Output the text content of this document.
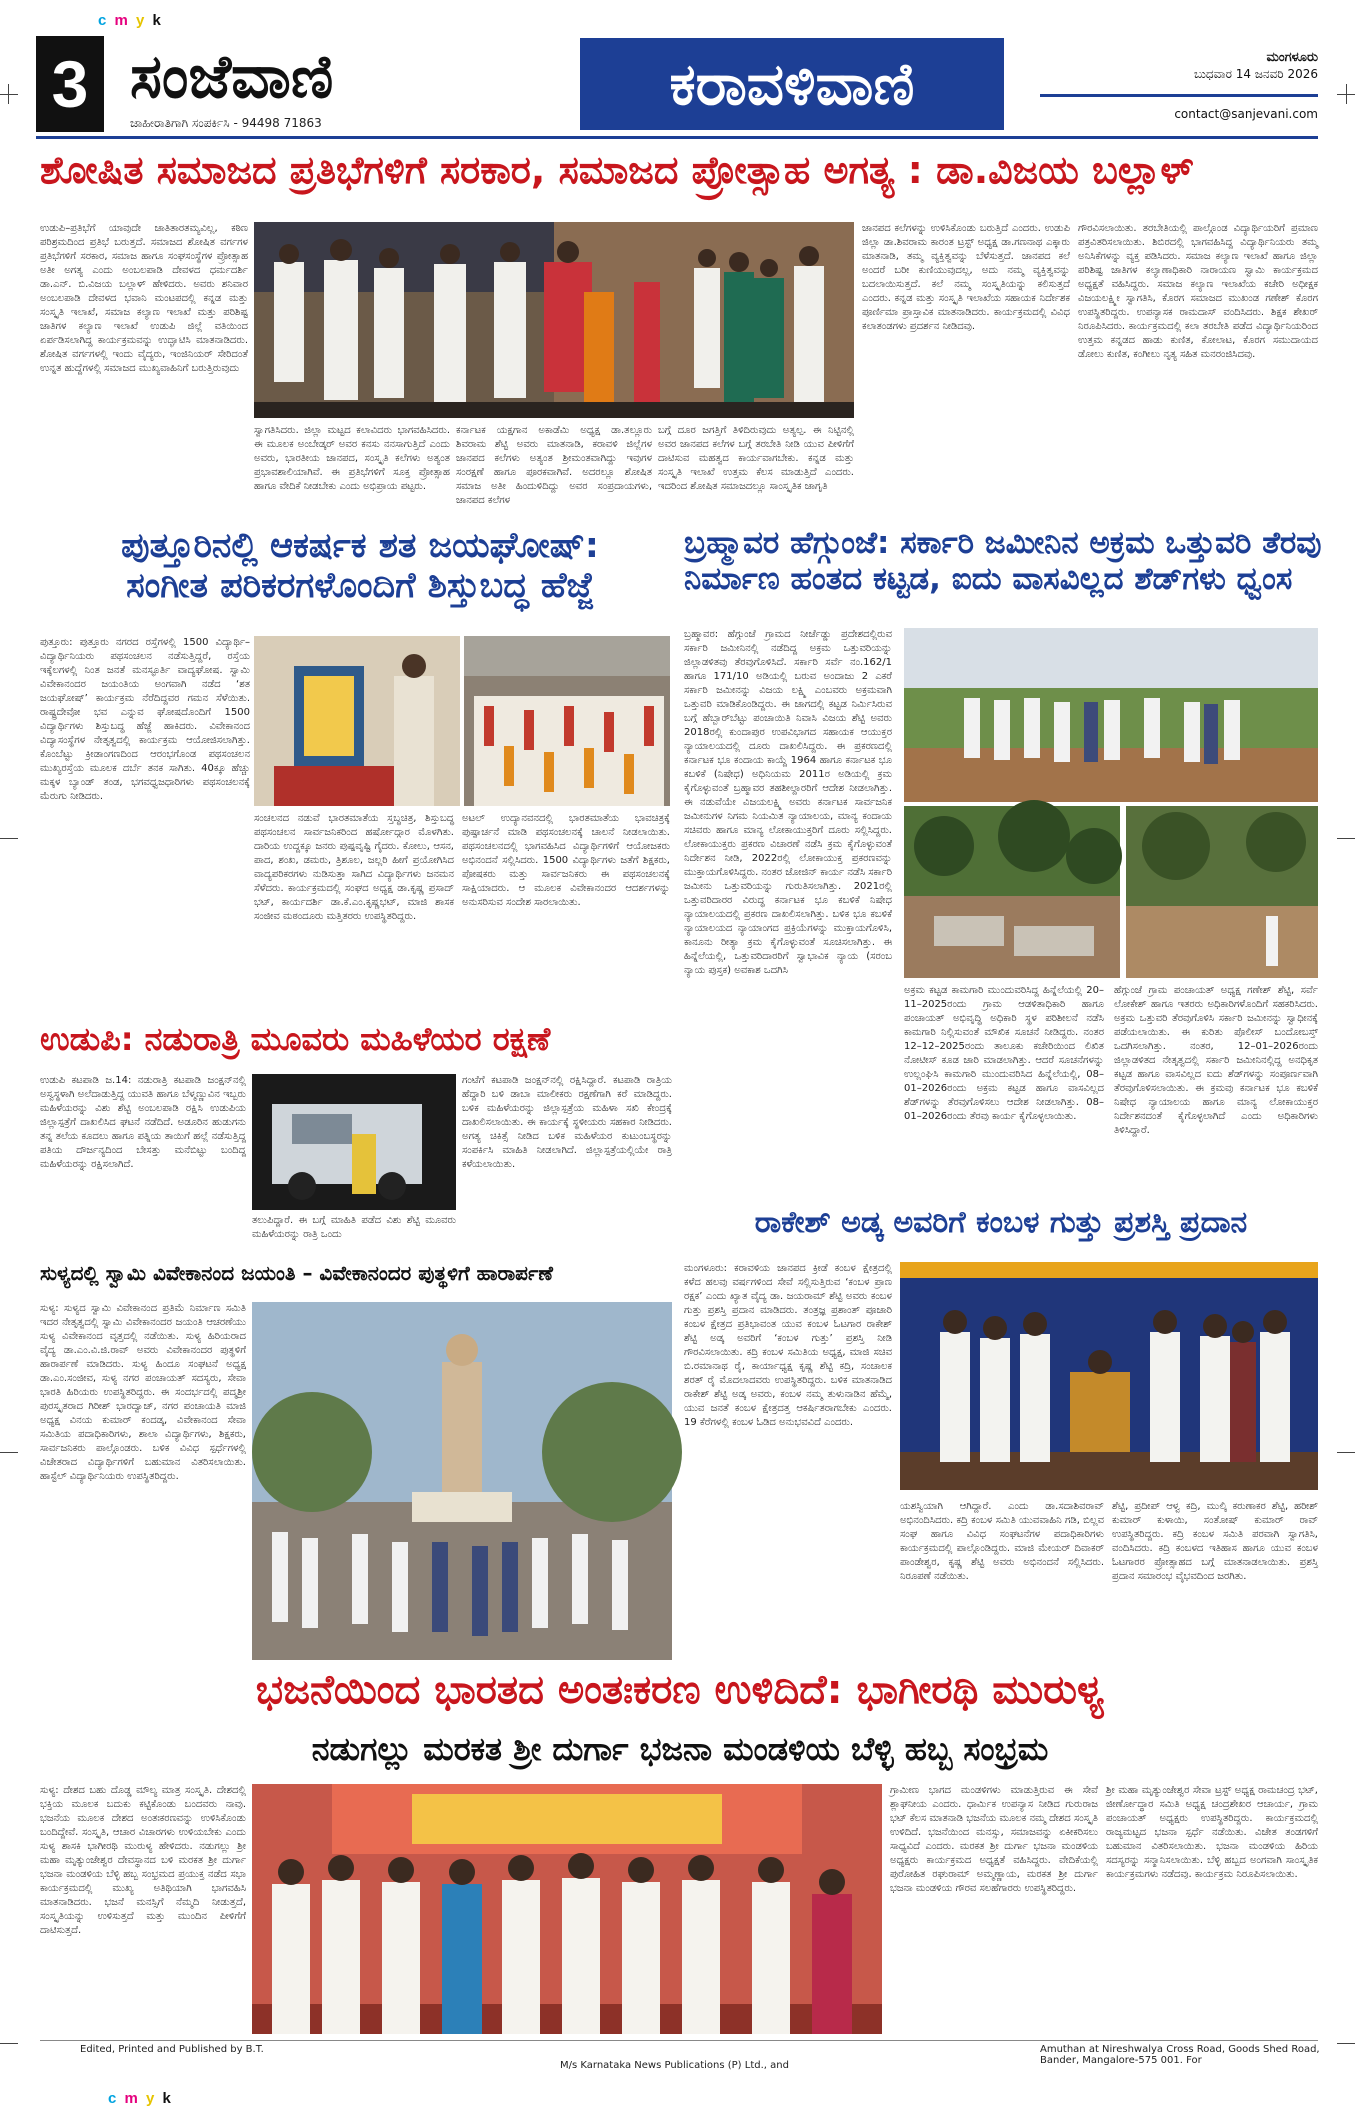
c m y k
3 ಸಂಜೆವಾಣಿ
ಜಾಹೀರಾತಿಗಾಗಿ ಸಂಪರ್ಕಿಸಿ - 94498 71863
ಕರಾವಳಿವಾಣಿ	ಮಂಗಳೂರು
ಬುಧವಾರ 14 ಜನವರಿ 2026
contact@sanjevani.com
ಶೋಷಿತ ಸಮಾಜದ ಪ್ರತಿಭೆಗಳಿಗೆ ಸರಕಾರ, ಸಮಾಜದ ಪ್ರೋತ್ಸಾಹ ಅಗತ್ಯ : ಡಾ.ವಿಜಯ ಬಲ್ಲಾಳ್
ಉಡುಪಿ–ಪ್ರತಿಭೆಗೆ ಯಾವುದೇ ಜಾತಿತಾರತಮ್ಯವಿಲ್ಲ, ಕಠಿಣ ಪರಿಶ್ರಮದಿಂದ ಪ್ರತಿಭೆ ಬರುತ್ತದೆ. ಸಮಾಜದ ಶೋಷಿತ ವರ್ಗಗಳ ಪ್ರತಿಭೆಗಳಿಗೆ ಸರಕಾರ, ಸಮಾಜ ಹಾಗೂ ಸಂಘಸಂಸ್ಥೆಗಳ ಪ್ರೋತ್ಸಾಹ ಅತೀ ಅಗತ್ಯ ಎಂದು ಅಂಬಲಪಾಡಿ ದೇವಳದ ಧರ್ಮದರ್ಶಿ ಡಾ.ಎನ್. ಬಿ.ವಿಜಯ ಬಲ್ಲಾಳ್ ಹೇಳಿದರು. ಅವರು ಶನಿವಾರ ಅಂಬಲಪಾಡಿ ದೇವಳದ ಭವಾನಿ ಮಂಟಪದಲ್ಲಿ ಕನ್ನಡ ಮತ್ತು ಸಂಸ್ಕೃತಿ ಇಲಾಖೆ, ಸಮಾಜ ಕಲ್ಯಾಣ ಇಲಾಖೆ ಮತ್ತು ಪರಿಶಿಷ್ಟ ಜಾತಿಗಳ ಕಲ್ಯಾಣ ಇಲಾಖೆ ಉಡುಪಿ ಜಿಲ್ಲೆ ವತಿಯಿಂದ ಏರ್ಪಡಿಸಲಾಗಿದ್ದ ಕಾರ್ಯಕ್ರಮವನ್ನು ಉದ್ಘಾಟಿಸಿ ಮಾತನಾಡಿದರು. ಶೋಷಿತ ವರ್ಗಗಳಲ್ಲಿ ಇಂದು ವೈದ್ಯರು, ಇಂಜಿನಿಯರ್‌ ಸೇರಿದಂತೆ ಉನ್ನತ ಹುದ್ದೆಗಳಲ್ಲಿ ಸಮಾಜದ ಮುಖ್ಯವಾಹಿನಿಗೆ ಬರುತ್ತಿರುವುದು
ಸ್ವಾಗತಿಸಿದರು. ಜಿಲ್ಲಾ ಮಟ್ಟದ ಕಲಾವಿದರು ಭಾಗವಹಿಸಿದರು. ಈ ಮೂಲಕ ಅಂಬೇಡ್ಕರ್‌ ಅವರ ಕನಸು ನನಸಾಗುತ್ತಿದೆ ಎಂದು ಅವರು, ಭಾರತೀಯ ಜಾನಪದ, ಸಂಸ್ಕೃತಿ ಕಲೆಗಳು ಅತ್ಯಂತ ಪ್ರಭಾವಶಾಲಿಯಾಗಿವೆ. ಈ ಪ್ರತಿಭೆಗಳಿಗೆ ಸೂಕ್ತ ಪ್ರೋತ್ಸಾಹ ಹಾಗೂ ವೇದಿಕೆ ನೀಡಬೇಕು ಎಂದು ಅಭಿಪ್ರಾಯ ಪಟ್ಟರು.
ಕರ್ನಾಟಕ ಯಕ್ಷಗಾನ ಅಕಾಡೆಮಿ ಅಧ್ಯಕ್ಷ ಡಾ.ತಲ್ಲೂರು ಶಿವರಾಮ ಶೆಟ್ಟಿ ಅವರು ಮಾತನಾಡಿ, ಕರಾವಳಿ ಜಿಲ್ಲೆಗಳ ಜಾನಪದ ಕಲೆಗಳು ಅತ್ಯಂತ ಶ್ರೀಮಂತವಾಗಿದ್ದು ಇವುಗಳ ಸಂರಕ್ಷಣೆ ಹಾಗೂ ಪೂರಕವಾಗಿವೆ. ಅದರಲ್ಲೂ ಶೋಷಿತ ಸಮಾಜ ಅತೀ ಹಿಂದುಳಿದಿದ್ದು ಅವರ ಸಂಪ್ರದಾಯಗಳು, ಜಾನಪದ ಕಲೆಗಳ
ಬಗ್ಗೆ ದೂರ ಜಗತ್ತಿಗೆ ತಿಳಿದಿರುವುದು ಅತ್ಯಲ್ಪ. ಈ ನಿಟ್ಟಿನಲ್ಲಿ ಅವರ ಜಾನಪದ ಕಲೆಗಳ ಬಗ್ಗೆ ತರಬೇತಿ ನೀಡಿ ಯುವ ಪೀಳಿಗೆಗೆ ದಾಟಿಸುವ ಮಹತ್ವದ ಕಾರ್ಯವಾಗಬೇಕು. ಕನ್ನಡ ಮತ್ತು ಸಂಸ್ಕೃತಿ ಇಲಾಖೆ ಉತ್ತಮ ಕೆಲಸ ಮಾಡುತ್ತಿದೆ ಎಂದರು. ಇದರಿಂದ ಶೋಷಿತ ಸಮಾಜದಲ್ಲೂ ಸಾಂಸ್ಕೃತಿಕ ಜಾಗೃತಿ
ಜಾನಪದ ಕಲೆಗಳನ್ನು ಉಳಿಸಿಕೊಂಡು ಬರುತ್ತಿದೆ ಎಂದರು. ಉಡುಪಿ ಜಿಲ್ಲಾ ಡಾ.ಶಿವರಾಮ ಕಾರಂತ ಟ್ರಸ್ಟ್‌ ಅಧ್ಯಕ್ಷ ಡಾ.ಗಣನಾಥ ಎಕ್ಕಾರು ಮಾತನಾಡಿ, ತಮ್ಮ ವ್ಯಕ್ತಿತ್ವವನ್ನು ಬೆಳೆಸುತ್ತದೆ. ಜಾನಪದ ಕಲೆ ಅಂದರೆ ಬರೀ ಕುಣಿಯುವುದಲ್ಲ, ಅದು ನಮ್ಮ ವ್ಯಕ್ತಿತ್ವವನ್ನು ಬದಲಾಯಿಸುತ್ತದೆ. ಕಲೆ ನಮ್ಮ ಸಂಸ್ಕೃತಿಯನ್ನು ಕಲಿಸುತ್ತದೆ ಎಂದರು. ಕನ್ನಡ ಮತ್ತು ಸಂಸ್ಕೃತಿ ಇಲಾಖೆಯ ಸಹಾಯಕ ನಿರ್ದೇಶಕ ಪೂರ್ಣಿಮಾ ಪ್ರಾಸ್ತಾವಿಕ ಮಾತನಾಡಿದರು. ಕಾರ್ಯಕ್ರಮದಲ್ಲಿ ವಿವಿಧ ಕಲಾತಂಡಗಳು ಪ್ರದರ್ಶನ ನೀಡಿದವು.
ಗೌರವಿಸಲಾಯಿತು. ತರಬೇತಿಯಲ್ಲಿ ಪಾಲ್ಗೊಂಡ ವಿದ್ಯಾರ್ಥಿಯರಿಗೆ ಪ್ರಮಾಣ ಪತ್ರವಿತರಿಸಲಾಯಿತು. ಶಿಬಿರದಲ್ಲಿ ಭಾಗವಹಿಸಿದ್ದ ವಿದ್ಯಾರ್ಥಿನಿಯರು ತಮ್ಮ ಅನಿಸಿಕೆಗಳನ್ನು ವ್ಯಕ್ತ ಪಡಿಸಿದರು. ಸಮಾಜ ಕಲ್ಯಾಣ ಇಲಾಖೆ ಹಾಗೂ ಜಿಲ್ಲಾ ಪರಿಶಿಷ್ಟ ಜಾತಿಗಳ ಕಲ್ಯಾಣಾಧಿಕಾರಿ ನಾರಾಯಣ ಸ್ವಾಮಿ ಕಾರ್ಯಕ್ರಮದ ಅಧ್ಯಕ್ಷತೆ ವಹಿಸಿದ್ದರು. ಸಮಾಜ ಕಲ್ಯಾಣ ಇಲಾಖೆಯ ಕಚೇರಿ ಅಧೀಕ್ಷಕ ವಿಜಯಲಕ್ಷ್ಮೀ ಸ್ವಾಗತಿಸಿ, ಕೊರಗ ಸಮಾಜದ ಮುಖಂಡ ಗಣೇಶ್‌ ಕೊರಗ ಉಪಸ್ಥಿತರಿದ್ದರು. ಉಪನ್ಯಾಸಕ ರಾಮದಾಸ್‌ ವಂದಿಸಿದರು. ಶಿಕ್ಷಕ ಶೇಖರ್‌ ನಿರೂಪಿಸಿದರು. ಕಾರ್ಯಕ್ರಮದಲ್ಲಿ ಕಲಾ ತರಬೇತಿ ಪಡೆದ ವಿದ್ಯಾರ್ಥಿನಿಯರಿಂದ ಉತ್ತಮ ಕನ್ನಡದ ಹಾಡು ಕುಣಿತ, ಕೋಲಾಟ, ಕೊರಗ ಸಮುದಾಯದ ಡೋಲು ಕುಣಿತ, ಕಂಗೀಲು ನೃತ್ಯ ಸಹಿತ ಮನರಂಜಿಸಿದವು.
ಪುತ್ತೂರಿನಲ್ಲಿ ಆಕರ್ಷಕ ಶತ ಜಯಘೋಷ್:
ಸಂಗೀತ ಪರಿಕರಗಳೊಂದಿಗೆ ಶಿಸ್ತುಬದ್ಧ ಹೆಜ್ಜೆ
ಪುತ್ತೂರು: ಪುತ್ತೂರು ನಗರದ ರಸ್ತೆಗಳಲ್ಲಿ 1500 ವಿದ್ಯಾರ್ಥಿ–ವಿದ್ಯಾರ್ಥಿನಿಯರು ಪಥಸಂಚಲನ ನಡೆಸುತ್ತಿದ್ದರೆ, ರಸ್ತೆಯ ಇಕ್ಕೆಲಗಳಲ್ಲಿ ನಿಂತ ಜನತೆ ಮನಸ್ಫೂರ್ತಿ ವಾದ್ಯಘೋಷ. ಸ್ವಾಮಿ ವಿವೇಕಾನಂದರ ಜಯಂತಿಯ ಅಂಗವಾಗಿ ನಡೆದ ‘ಶತ ಜಯಘೋಷ್’ ಕಾರ್ಯಕ್ರಮ ನೆರೆದಿದ್ದವರ ಗಮನ ಸೆಳೆಯಿತು. ರಾಷ್ಟ್ರದೇವೋ ಭವ ಎನ್ನುವ ಘೋಷದೊಂದಿಗೆ 1500 ವಿದ್ಯಾರ್ಥಿಗಳು ಶಿಸ್ತುಬದ್ಧ ಹೆಜ್ಜೆ ಹಾಕಿದರು. ವಿವೇಕಾನಂದ ವಿದ್ಯಾಸಂಸ್ಥೆಗಳ ನೇತೃತ್ವದಲ್ಲಿ ಕಾರ್ಯಕ್ರಮ ಆಯೋಜಿಸಲಾಗಿತ್ತು. ಕೊಂಬೆಟ್ಟು ಕ್ರೀಡಾಂಗಣದಿಂದ ಆರಂಭಗೊಂಡ ಪಥಸಂಚಲನ ಮುಖ್ಯರಸ್ತೆಯ ಮೂಲಕ ದರ್ಬೆ ತನಕ ಸಾಗಿತು. 40ಕ್ಕೂ ಹೆಚ್ಚು ಮಕ್ಕಳ ಬ್ಯಾಂಡ್‌ ತಂಡ, ಭಗವಧ್ವಜಧಾರಿಗಳು ಪಥಸಂಚಲನಕ್ಕೆ ಮೆರುಗು ನೀಡಿದರು.
ಸಂಚಲನದ ನಡುವೆ ಭಾರತಮಾತೆಯ ಸ್ತಬ್ಧಚಿತ್ರ, ಶಿಸ್ತುಬದ್ಧ ಪಥಸಂಚಲನ ಸಾರ್ವಜನಿಕರಿಂದ ಹರ್ಷೋದ್ಗಾರ ಮೊಳಗಿತು. ದಾರಿಯ ಉದ್ದಕ್ಕೂ ಜನರು ಪುಷ್ಪವೃಷ್ಟಿ ಗೈದರು. ಕೋಲು, ಆಸನ, ಪಾದ, ಶಂಖ, ಡಮರು, ತ್ರಿಶೂಲ, ಜಲ್ಲರಿ ಹೀಗೆ ಪ್ರಯೋಗಿಸಿದ ವಾದ್ಯಪರಿಕರಗಳು ನುಡಿಸುತ್ತಾ ಸಾಗಿದ ವಿದ್ಯಾರ್ಥಿಗಳು ಜನಮನ ಸೆಳೆದರು. ಕಾರ್ಯಕ್ರಮದಲ್ಲಿ ಸಂಘದ ಅಧ್ಯಕ್ಷ ಡಾ.ಕೃಷ್ಣ ಪ್ರಸಾದ್ ಭಟ್, ಕಾರ್ಯದರ್ಶಿ ಡಾ.ಕೆ.ಎಂ.ಕೃಷ್ಣಭಟ್, ಮಾಜಿ ಶಾಸಕ ಸಂಜೀವ ಮಠಂದೂರು ಮತ್ತಿತರರು ಉಪಸ್ಥಿತರಿದ್ದರು.
ಅಟಲ್ ಉದ್ಯಾನವನದಲ್ಲಿ ಭಾರತಮಾತೆಯ ಭಾವಚಿತ್ರಕ್ಕೆ ಪುಷ್ಪಾರ್ಚನೆ ಮಾಡಿ ಪಥಸಂಚಲನಕ್ಕೆ ಚಾಲನೆ ನೀಡಲಾಯಿತು. ಪಥಸಂಚಲನದಲ್ಲಿ ಭಾಗವಹಿಸಿದ ವಿದ್ಯಾರ್ಥಿಗಳಿಗೆ ಆಯೋಜಕರು ಅಭಿನಂದನೆ ಸಲ್ಲಿಸಿದರು. 1500 ವಿದ್ಯಾರ್ಥಿಗಳು ಜತೆಗೆ ಶಿಕ್ಷಕರು, ಪೋಷಕರು ಮತ್ತು ಸಾರ್ವಜನಿಕರು ಈ ಪಥಸಂಚಲನಕ್ಕೆ ಸಾಕ್ಷಿಯಾದರು. ಆ ಮೂಲಕ ವಿವೇಕಾನಂದರ ಆದರ್ಶಗಳನ್ನು ಅನುಸರಿಸುವ ಸಂದೇಶ ಸಾರಲಾಯಿತು.
ಬ್ರಹ್ಮಾವರ ಹೆಗ್ಗುಂಜೆ: ಸರ್ಕಾರಿ ಜಮೀನಿನ ಅಕ್ರಮ ಒತ್ತುವರಿ ತೆರವು
ನಿರ್ಮಾಣ ಹಂತದ ಕಟ್ಟಡ, ಐದು ವಾಸವಿಲ್ಲದ ಶೆಡ್‌ಗಳು ಧ್ವಂಸ
ಬ್ರಹ್ಮಾವರ: ಹೆಗ್ಗುಂಜೆ ಗ್ರಾಮದ ನೀರ್ಜೆಡ್ಡು ಪ್ರದೇಶದಲ್ಲಿರುವ ಸರ್ಕಾರಿ ಜಮೀನಿನಲ್ಲಿ ನಡೆದಿದ್ದ ಅಕ್ರಮ ಒತ್ತುವರಿಯನ್ನು ಜಿಲ್ಲಾಡಳಿತವು ತೆರವುಗೊಳಿಸಿದೆ. ಸರ್ಕಾರಿ ಸರ್ವೆ ನಂ.162/1 ಹಾಗೂ 171/10 ಅಡಿಯಲ್ಲಿ ಬರುವ ಅಂದಾಜು 2 ಎಕರೆ ಸರ್ಕಾರಿ ಜಮೀನನ್ನು ವಿಜಯ ಲಕ್ಷ್ಮಿ ಎಂಬವರು ಅಕ್ರಮವಾಗಿ ಒತ್ತುವರಿ ಮಾಡಿಕೊಂಡಿದ್ದರು. ಈ ಜಾಗದಲ್ಲಿ ಕಟ್ಟಡ ನಿರ್ಮಿಸಿರುವ ಬಗ್ಗೆ ಹೆಬ್ಬಾರ್‌ಬೆಟ್ಟು ಪಂಚಾಯಿತಿ ನಿವಾಸಿ ವಿಜಯ ಶೆಟ್ಟಿ ಅವರು 2018ರಲ್ಲಿ ಕುಂದಾಪುರ ಉಪವಿಭಾಗದ ಸಹಾಯಕ ಆಯುಕ್ತರ ನ್ಯಾಯಾಲಯದಲ್ಲಿ ದೂರು ದಾಖಲಿಸಿದ್ದರು. ಈ ಪ್ರಕರಣದಲ್ಲಿ ಕರ್ನಾಟಕ ಭೂ ಕಂದಾಯ ಕಾಯ್ದೆ 1964 ಹಾಗೂ ಕರ್ನಾಟಕ ಭೂ ಕಬಳಿಕೆ (ನಿಷೇಧ) ಅಧಿನಿಯಮ 2011ರ ಅಡಿಯಲ್ಲಿ ಕ್ರಮ ಕೈಗೊಳ್ಳುವಂತೆ ಬ್ರಹ್ಮಾವರ ತಹಶೀಲ್ದಾರರಿಗೆ ಆದೇಶ ನೀಡಲಾಗಿತ್ತು. ಈ ನಡುವೆಯೇ ವಿಜಯಲಕ್ಷ್ಮಿ ಅವರು ಕರ್ನಾಟಕ ಸಾರ್ವಜನಿಕ ಜಮೀನುಗಳ ನಿಗಮ ನಿಯಮಿತ ನ್ಯಾಯಾಲಯ, ಮಾನ್ಯ ಕಂದಾಯ ಸಚಿವರು ಹಾಗೂ ಮಾನ್ಯ ಲೋಕಾಯುಕ್ತರಿಗೆ ದೂರು ಸಲ್ಲಿಸಿದ್ದರು. ಲೋಕಾಯುಕ್ತರು ಪ್ರಕರಣ ವಿಚಾರಣೆ ನಡೆಸಿ ಕ್ರಮ ಕೈಗೊಳ್ಳುವಂತೆ ನಿರ್ದೇಶನ ನೀಡಿ, 2022ರಲ್ಲಿ ಲೋಕಾಯುಕ್ತ ಪ್ರಕರಣವನ್ನು ಮುಕ್ತಾಯಗೊಳಿಸಿದ್ದರು. ನಂತರ ಜೋಜಿನ್‌ ಕಾರ್ಯ ನಡೆಸಿ ಸರ್ಕಾರಿ ಜಮೀನು ಒತ್ತುವರಿಯನ್ನು ಗುರುತಿಸಲಾಗಿತ್ತು. 2021ರಲ್ಲಿ ಒತ್ತುವರಿದಾರರ ವಿರುದ್ಧ ಕರ್ನಾಟಕ ಭೂ ಕಬಳಿಕೆ ನಿಷೇಧ ನ್ಯಾಯಾಲಯದಲ್ಲಿ ಪ್ರಕರಣ ದಾಖಲಿಸಲಾಗಿತ್ತು. ಬಳಿಕ ಭೂ ಕಬಳಿಕೆ ನ್ಯಾಯಾಲಯದ ನ್ಯಾಯಾಂಗದ ಪ್ರಕ್ರಿಯೆಗಳನ್ನು ಮುಕ್ತಾಯಗೊಳಿಸಿ, ಕಾನೂನು ರೀತ್ಯಾ ಕ್ರಮ ಕೈಗೊಳ್ಳುವಂತೆ ಸೂಚಿಸಲಾಗಿತ್ತು. ಈ ಹಿನ್ನೆಲೆಯಲ್ಲಿ, ಒತ್ತುವರಿದಾರರಿಗೆ ಸ್ವಾಭಾವಿಕ ನ್ಯಾಯ (ಸರಂಬ ನ್ಯಾಯ ಪುಸ್ತಕ) ಅವಕಾಶ ಒದಗಿಸಿ
ಅಕ್ರಮ ಕಟ್ಟಡ ಕಾಮಗಾರಿ ಮುಂದುವರಿಸಿದ್ದ ಹಿನ್ನೆಲೆಯಲ್ಲಿ 20–11–2025ರಂದು ಗ್ರಾಮ ಆಡಳಿತಾಧಿಕಾರಿ ಹಾಗೂ ಪಂಚಾಯತ್ ಅಭಿವೃದ್ಧಿ ಅಧಿಕಾರಿ ಸ್ಥಳ ಪರಿಶೀಲನೆ ನಡೆಸಿ ಕಾಮಗಾರಿ ನಿಲ್ಲಿಸುವಂತೆ ಮೌಖಿಕ ಸೂಚನೆ ನೀಡಿದ್ದರು. ನಂತರ 12–12–2025ರಂದು ತಾಲೂಕು ಕಚೇರಿಯಿಂದ ಲಿಖಿತ ನೋಟೀಸ್‌ ಕೂಡ ಜಾರಿ ಮಾಡಲಾಗಿತ್ತು. ಆದರೆ ಸೂಚನೆಗಳನ್ನು ಉಲ್ಲಂಘಿಸಿ ಕಾಮಗಾರಿ ಮುಂದುವರಿಸಿದ ಹಿನ್ನೆಲೆಯಲ್ಲಿ, 08–01–2026ರಂದು ಅಕ್ರಮ ಕಟ್ಟಡ ಹಾಗೂ ವಾಸವಿಲ್ಲದ ಶೆಡ್‌ಗಳನ್ನು ತೆರವುಗೊಳಿಸಲು ಆದೇಶ ನೀಡಲಾಗಿತ್ತು. 08–01–2026ರಂದು ತೆರವು ಕಾರ್ಯ ಕೈಗೊಳ್ಳಲಾಯಿತು.
ಹೆಗ್ಗುಂಜೆ ಗ್ರಾಮ ಪಂಚಾಯತ್‌ ಅಧ್ಯಕ್ಷ ಗಣೇಶ್‌ ಶೆಟ್ಟಿ, ಸರ್ವೆ ಲೋಕೇಶ್‌ ಹಾಗೂ ಇತರರು ಅಧಿಕಾರಿಗಳೊಂದಿಗೆ ಸಹಕರಿಸಿದರು. ಅಕ್ರಮ ಒತ್ತುವರಿ ತೆರವುಗೊಳಿಸಿ ಸರ್ಕಾರಿ ಜಮೀನನ್ನು ಸ್ವಾಧೀನಕ್ಕೆ ಪಡೆಯಲಾಯಿತು. ಈ ಕುರಿತು ಪೊಲೀಸ್‌ ಬಂದೋಬಸ್ತ್‌ ಒದಗಿಸಲಾಗಿತ್ತು. ನಂತರ, 12–01–2026ರಂದು ಜಿಲ್ಲಾಡಳಿತದ ನೇತೃತ್ವದಲ್ಲಿ ಸರ್ಕಾರಿ ಜಮೀನಿನಲ್ಲಿದ್ದ ಅನಧಿಕೃತ ಕಟ್ಟಡ ಹಾಗೂ ವಾಸವಿಲ್ಲದ ಐದು ಶೆಡ್‌ಗಳನ್ನು ಸಂಪೂರ್ಣವಾಗಿ ತೆರವುಗೊಳಿಸಲಾಯಿತು. ಈ ಕ್ರಮವು ಕರ್ನಾಟಕ ಭೂ ಕಬಳಿಕೆ ನಿಷೇಧ ನ್ಯಾಯಾಲಯ ಹಾಗೂ ಮಾನ್ಯ ಲೋಕಾಯುಕ್ತರ ನಿರ್ದೇಶನದಂತೆ ಕೈಗೊಳ್ಳಲಾಗಿದೆ ಎಂದು ಅಧಿಕಾರಿಗಳು ತಿಳಿಸಿದ್ದಾರೆ.
ಉಡುಪಿ: ನಡುರಾತ್ರಿ ಮೂವರು ಮಹಿಳೆಯರ ರಕ್ಷಣೆ
ಉಡುಪಿ ಕಟಪಾಡಿ ಜ.14: ನಡುರಾತ್ರಿ ಕಟಪಾಡಿ ಜಂಕ್ಷನ್‌ನಲ್ಲಿ ಅಸ್ವಸ್ಥಳಾಗಿ ಅಲೆದಾಡುತ್ತಿದ್ದ ಯುವತಿ ಹಾಗೂ ಬೆಳ್ಮಣ್ಣುವಿನ ಇಬ್ಬರು ಮಹಿಳೆಯರನ್ನು ವಿಶು ಶೆಟ್ಟಿ ಅಂಬಲಪಾಡಿ ರಕ್ಷಿಸಿ ಉಡುಪಿಯ ಜಿಲ್ಲಾಸ್ಪತ್ರೆಗೆ ದಾಖಲಿಸಿದ ಘಟನೆ ನಡೆದಿದೆ. ಅಡೂರಿನ ಹುಡುಗನು ತನ್ನ ತಲೆಯ ಕೂದಲು ಹಾಗೂ ಪತ್ನಿಯ ತಾಯಿಗೆ ಹಲ್ಲೆ ನಡೆಸುತ್ತಿದ್ದ ಪತಿಯ ದೌರ್ಜನ್ಯದಿಂದ ಬೇಸತ್ತು ಮನೆಬಿಟ್ಟು ಬಂದಿದ್ದ ಮಹಿಳೆಯರನ್ನು ರಕ್ಷಿಸಲಾಗಿದೆ.
ತಲುಪಿದ್ದಾರೆ. ಈ ಬಗ್ಗೆ ಮಾಹಿತಿ ಪಡೆದ ವಿಶು ಶೆಟ್ಟಿ ಮೂವರು ಮಹಿಳೆಯರನ್ನು ರಾತ್ರಿ ಒಂದು
ಗಂಟೆಗೆ ಕಟಪಾಡಿ ಜಂಕ್ಷನ್‌ನಲ್ಲಿ ರಕ್ಷಿಸಿದ್ದಾರೆ. ಕಟಪಾಡಿ ರಾತ್ರಿಯ ಹೆದ್ದಾರಿ ಬಳಿ ಡಾಬಾ ಮಾಲೀಕರು ರಕ್ಷಣೆಗಾಗಿ ಕರೆ ಮಾಡಿದ್ದರು. ಬಳಿಕ ಮಹಿಳೆಯರನ್ನು ಜಿಲ್ಲಾಸ್ಪತ್ರೆಯ ಮಹಿಳಾ ಸಖಿ ಕೇಂದ್ರಕ್ಕೆ ದಾಖಲಿಸಲಾಯಿತು. ಈ ಕಾರ್ಯಕ್ಕೆ ಸ್ಥಳೀಯರು ಸಹಕಾರ ನೀಡಿದರು. ಅಗತ್ಯ ಚಿಕಿತ್ಸೆ ನೀಡಿದ ಬಳಿಕ ಮಹಿಳೆಯರ ಕುಟುಂಬಸ್ಥರನ್ನು ಸಂಪರ್ಕಿಸಿ ಮಾಹಿತಿ ನೀಡಲಾಗಿದೆ. ಜಿಲ್ಲಾಸ್ಪತ್ರೆಯಲ್ಲಿಯೇ ರಾತ್ರಿ ಕಳೆಯಲಾಯಿತು.
ಸುಳ್ಯದಲ್ಲಿ ಸ್ವಾಮಿ ವಿವೇಕಾನಂದ ಜಯಂತಿ – ವಿವೇಕಾನಂದರ ಪುತ್ಥಳಿಗೆ ಹಾರಾರ್ಪಣೆ
ಸುಳ್ಯ: ಸುಳ್ಯದ ಸ್ವಾಮಿ ವಿವೇಕಾನಂದ ಪ್ರತಿಮೆ ನಿರ್ಮಾಣ ಸಮಿತಿ ಇದರ ನೇತೃತ್ವದಲ್ಲಿ ಸ್ವಾಮಿ ವಿವೇಕಾನಂದರ ಜಯಂತಿ ಆಚರಣೆಯು ಸುಳ್ಯ ವಿವೇಕಾನಂದ ವೃತ್ತದಲ್ಲಿ ನಡೆಯಿತು. ಸುಳ್ಯ ಹಿರಿಯರಾದ ವೈದ್ಯ ಡಾ.ಎಂ.ವಿ.ಜಿ.ರಾವ್‌ ಅವರು ವಿವೇಕಾನಂದರ ಪುತ್ಥಳಿಗೆ ಹಾರಾರ್ಪಣೆ ಮಾಡಿದರು. ಸುಳ್ಯ ಹಿಂದೂ ಸಂಘಟನೆ ಅಧ್ಯಕ್ಷ ಡಾ.ಎಂ.ಸಂಜೀವ, ಸುಳ್ಯ ನಗರ ಪಂಚಾಯತ್‌ ಸದಸ್ಯರು, ಸೇವಾ ಭಾರತಿ ಹಿರಿಯರು ಉಪಸ್ಥಿತರಿದ್ದರು. ಈ ಸಂದರ್ಭದಲ್ಲಿ ಪದ್ಮಶ್ರೀ ಪುರಸ್ಕೃತರಾದ ಗಿರೀಶ್ ಭಾರದ್ವಾಜ್, ನಗರ ಪಂಚಾಯತಿ ಮಾಜಿ ಅಧ್ಯಕ್ಷ ವಿನಯ ಕುಮಾರ್ ಕಂದಡ್ಕ, ವಿವೇಕಾನಂದ ಸೇವಾ ಸಮಿತಿಯ ಪದಾಧಿಕಾರಿಗಳು, ಶಾಲಾ ವಿದ್ಯಾರ್ಥಿಗಳು, ಶಿಕ್ಷಕರು, ಸಾರ್ವಜನಿಕರು ಪಾಲ್ಗೊಂಡರು. ಬಳಿಕ ವಿವಿಧ ಸ್ಪರ್ಧೆಗಳಲ್ಲಿ ವಿಜೇತರಾದ ವಿದ್ಯಾರ್ಥಿಗಳಿಗೆ ಬಹುಮಾನ ವಿತರಿಸಲಾಯಿತು. ಹಾಸ್ಟೆಲ್ ವಿದ್ಯಾರ್ಥಿನಿಯರು ಉಪಸ್ಥಿತರಿದ್ದರು.
ರಾಕೇಶ್ ಅಡ್ಕ ಅವರಿಗೆ ಕಂಬಳ ಗುತ್ತು ಪ್ರಶಸ್ತಿ ಪ್ರದಾನ
ಮಂಗಳೂರು: ಕರಾವಳಿಯ ಜಾನಪದ ಕ್ರೀಡೆ ಕಂಬಳ ಕ್ಷೇತ್ರದಲ್ಲಿ ಕಳೆದ ಹಲವು ವರ್ಷಗಳಿಂದ ಸೇವೆ ಸಲ್ಲಿಸುತ್ತಿರುವ ‘ಕಂಬಳ ಪ್ರಾಣ ರಕ್ಷಕ’ ಎಂದು ಖ್ಯಾತ ವೈದ್ಯ ಡಾ. ಜಯರಾಮ್‌ ಶೆಟ್ಟಿ ಅವರು ಕಂಬಳ ಗುತ್ತು ಪ್ರಶಸ್ತಿ ಪ್ರದಾನ ಮಾಡಿದರು. ತಂತ್ರಜ್ಞ ಪ್ರಶಾಂತ್ ಪೂಜಾರಿ ಕಂಬಳ ಕ್ಷೇತ್ರದ ಪ್ರತಿಭಾವಂತ ಯುವ ಕಂಬಳ ಓಟಗಾರ ರಾಕೇಶ್ ಶೆಟ್ಟಿ ಅಡ್ಕ ಅವರಿಗೆ ‘ಕಂಬಳ ಗುತ್ತು’ ಪ್ರಶಸ್ತಿ ನೀಡಿ ಗೌರವಿಸಲಾಯಿತು. ಕದ್ರಿ ಕಂಬಳ ಸಮಿತಿಯ ಅಧ್ಯಕ್ಷ, ಮಾಜಿ ಸಚಿವ ಬಿ.ರಮಾನಾಥ ರೈ, ಕಾರ್ಯಾಧ್ಯಕ್ಷ ಕೃಷ್ಣ ಶೆಟ್ಟಿ ಕದ್ರಿ, ಸಂಚಾಲಕ ಶರತ್ ರೈ ಮೊದಲಾದವರು ಉಪಸ್ಥಿತರಿದ್ದರು. ಬಳಿಕ ಮಾತನಾಡಿದ ರಾಕೇಶ್ ಶೆಟ್ಟಿ ಅಡ್ಕ ಅವರು, ಕಂಬಳ ನಮ್ಮ ತುಳುನಾಡಿನ ಹೆಮ್ಮೆ, ಯುವ ಜನತೆ ಕಂಬಳ ಕ್ಷೇತ್ರದತ್ತ ಆಕರ್ಷಿತರಾಗಬೇಕು ಎಂದರು. 19 ಕೆರೆಗಳಲ್ಲಿ ಕಂಬಳ ಓಡಿದ ಅನುಭವವಿದೆ ಎಂದರು.
ಯಶಸ್ವಿಯಾಗಿ ಆಗಿದ್ದಾರೆ. ಎಂದು ಡಾ.ಸದಾಶಿವರಾವ್ ಅಭಿನಂದಿಸಿದರು. ಕದ್ರಿ ಕಂಬಳ ಸಮಿತಿ ಯುವವಾಹಿನಿ ಗಡಿ, ಬಿಲ್ಲವ ಸಂಘ ಹಾಗೂ ವಿವಿಧ ಸಂಘಟನೆಗಳ ಪದಾಧಿಕಾರಿಗಳು ಕಾರ್ಯಕ್ರಮದಲ್ಲಿ ಪಾಲ್ಗೊಂಡಿದ್ದರು. ಮಾಜಿ ಮೇಯರ್ ದಿವಾಕರ್ ಪಾಂಡೇಶ್ವರ, ಕೃಷ್ಣ ಶೆಟ್ಟಿ ಅವರು ಅಭಿನಂದನೆ ಸಲ್ಲಿಸಿದರು. ನಿರೂಪಣೆ ನಡೆಯಿತು.
ಶೆಟ್ಟಿ, ಪ್ರದೀಪ್ ಆಳ್ವ ಕದ್ರಿ, ಮುಲ್ಕಿ ಕರುಣಾಕರ ಶೆಟ್ಟಿ, ಹರೀಶ್ ಕುಮಾರ್ ಕುಳಾಯಿ, ಸಂತೋಷ್ ಕುಮಾರ್ ರಾವ್ ಉಪಸ್ಥಿತರಿದ್ದರು. ಕದ್ರಿ ಕಂಬಳ ಸಮಿತಿ ಪರವಾಗಿ ಸ್ವಾಗತಿಸಿ, ವಂದಿಸಿದರು. ಕದ್ರಿ ಕಂಬಳದ ಇತಿಹಾಸ ಹಾಗೂ ಯುವ ಕಂಬಳ ಓಟಗಾರರ ಪ್ರೋತ್ಸಾಹದ ಬಗ್ಗೆ ಮಾತನಾಡಲಾಯಿತು. ಪ್ರಶಸ್ತಿ ಪ್ರದಾನ ಸಮಾರಂಭ ವೈಭವದಿಂದ ಜರಗಿತು.
ಭಜನೆಯಿಂದ ಭಾರತದ ಅಂತಃಕರಣ ಉಳಿದಿದೆ: ಭಾಗೀರಥಿ ಮುರುಳ್ಯ
ನಡುಗಲ್ಲು ಮರಕತ ಶ್ರೀ ದುರ್ಗಾ ಭಜನಾ ಮಂಡಳಿಯ ಬೆಳ್ಳಿ ಹಬ್ಬ ಸಂಭ್ರಮ
ಸುಳ್ಯ: ದೇಶದ ಬಹು ದೊಡ್ಡ ಮೌಲ್ಯ ಮಾತ್ರ ಸಂಸ್ಕೃತಿ. ದೇಶದಲ್ಲಿ ಭಕ್ತಿಯ ಮೂಲಕ ಬದುಕು ಕಟ್ಟಿಕೊಂಡು ಬಂದವರು ನಾವು. ಭಜನೆಯ ಮೂಲಕ ದೇಶದ ಅಂತಃಕರಣವನ್ನು ಉಳಿಸಿಕೊಂಡು ಬಂದಿದ್ದೇವೆ. ಸಂಸ್ಕೃತಿ, ಆಚಾರ ವಿಚಾರಗಳು ಉಳಿಯಬೇಕು ಎಂದು ಸುಳ್ಯ ಶಾಸಕಿ ಭಾಗೀರಥಿ ಮುರುಳ್ಯ ಹೇಳಿದರು. ನಡುಗಲ್ಲು ಶ್ರೀ ಮಹಾ ಮೃತ್ಯುಂಜೇಶ್ವರ ದೇವಸ್ಥಾನದ ಬಳಿ ಮರಕತ ಶ್ರೀ ದುರ್ಗಾ ಭಜನಾ ಮಂಡಳಿಯ ಬೆಳ್ಳಿ ಹಬ್ಬ ಸಂಭ್ರಮದ ಪ್ರಯುಕ್ತ ನಡೆದ ಸಭಾ ಕಾರ್ಯಕ್ರಮದಲ್ಲಿ ಮುಖ್ಯ ಅತಿಥಿಯಾಗಿ ಭಾಗವಹಿಸಿ ಮಾತನಾಡಿದರು. ಭಜನೆ ಮನಸ್ಸಿಗೆ ನೆಮ್ಮದಿ ನೀಡುತ್ತದೆ, ಸಂಸ್ಕೃತಿಯನ್ನು ಉಳಿಸುತ್ತದೆ ಮತ್ತು ಮುಂದಿನ ಪೀಳಿಗೆಗೆ ದಾಟಿಸುತ್ತದೆ.
ಗ್ರಾಮೀಣ ಭಾಗದ ಮಂಡಳಿಗಳು ಮಾಡುತ್ತಿರುವ ಈ ಸೇವೆ ಶ್ಲಾಘನೀಯ ಎಂದರು. ಧಾರ್ಮಿಕ ಉಪನ್ಯಾಸ ನೀಡಿದ ಗುರುರಾಜ ಭಟ್ ಕೆಲಸ ಮಾತನಾಡಿ ಭಜನೆಯ ಮೂಲಕ ನಮ್ಮ ದೇಶದ ಸಂಸ್ಕೃತಿ ಉಳಿದಿದೆ. ಭಜನೆಯಿಂದ ಮನಸ್ಸು, ಸಮಾಜವನ್ನು ಏಕೀಕರಿಸಲು ಸಾಧ್ಯವಿದೆ ಎಂದರು. ಮರಕತ ಶ್ರೀ ದುರ್ಗಾ ಭಜನಾ ಮಂಡಳಿಯ ಅಧ್ಯಕ್ಷರು ಕಾರ್ಯಕ್ರಮದ ಅಧ್ಯಕ್ಷತೆ ವಹಿಸಿದ್ದರು. ವೇದಿಕೆಯಲ್ಲಿ ಪುರೋಹಿತ ರಘುರಾಮ್ ಅಮ್ಮಣ್ಣಾಯ, ಮರಕತ ಶ್ರೀ ದುರ್ಗಾ ಭಜನಾ ಮಂಡಳಿಯ ಗೌರವ ಸಲಹೆಗಾರರು ಉಪಸ್ಥಿತರಿದ್ದರು.
ಶ್ರೀ ಮಹಾ ಮೃತ್ಯುಂಜೇಶ್ವರ ಸೇವಾ ಟ್ರಸ್ಟ್ ಅಧ್ಯಕ್ಷ ರಾಮಚಂದ್ರ ಭಟ್, ಜೀರ್ಣೋದ್ಧಾರ ಸಮಿತಿ ಅಧ್ಯಕ್ಷ ಚಂದ್ರಶೇಖರ ಆಚಾರ್ಯ, ಗ್ರಾಮ ಪಂಚಾಯತ್ ಅಧ್ಯಕ್ಷರು ಉಪಸ್ಥಿತರಿದ್ದರು. ಕಾರ್ಯಕ್ರಮದಲ್ಲಿ ರಾಜ್ಯಮಟ್ಟದ ಭಜನಾ ಸ್ಪರ್ಧೆ ನಡೆಯಿತು. ವಿಜೇತ ತಂಡಗಳಿಗೆ ಬಹುಮಾನ ವಿತರಿಸಲಾಯಿತು. ಭಜನಾ ಮಂಡಳಿಯ ಹಿರಿಯ ಸದಸ್ಯರನ್ನು ಸನ್ಮಾನಿಸಲಾಯಿತು. ಬೆಳ್ಳಿ ಹಬ್ಬದ ಅಂಗವಾಗಿ ಸಾಂಸ್ಕೃತಿಕ ಕಾರ್ಯಕ್ರಮಗಳು ನಡೆದವು. ಕಾರ್ಯಕ್ರಮ ನಿರೂಪಿಸಲಾಯಿತು.
Edited, Printed and Published by B.T.	Amuthan at Nireshwalya Cross Road, Goods Shed Road, Bander, Mangalore-575 001. For
M/s Karnataka News Publications (P) Ltd., and
c m y k
